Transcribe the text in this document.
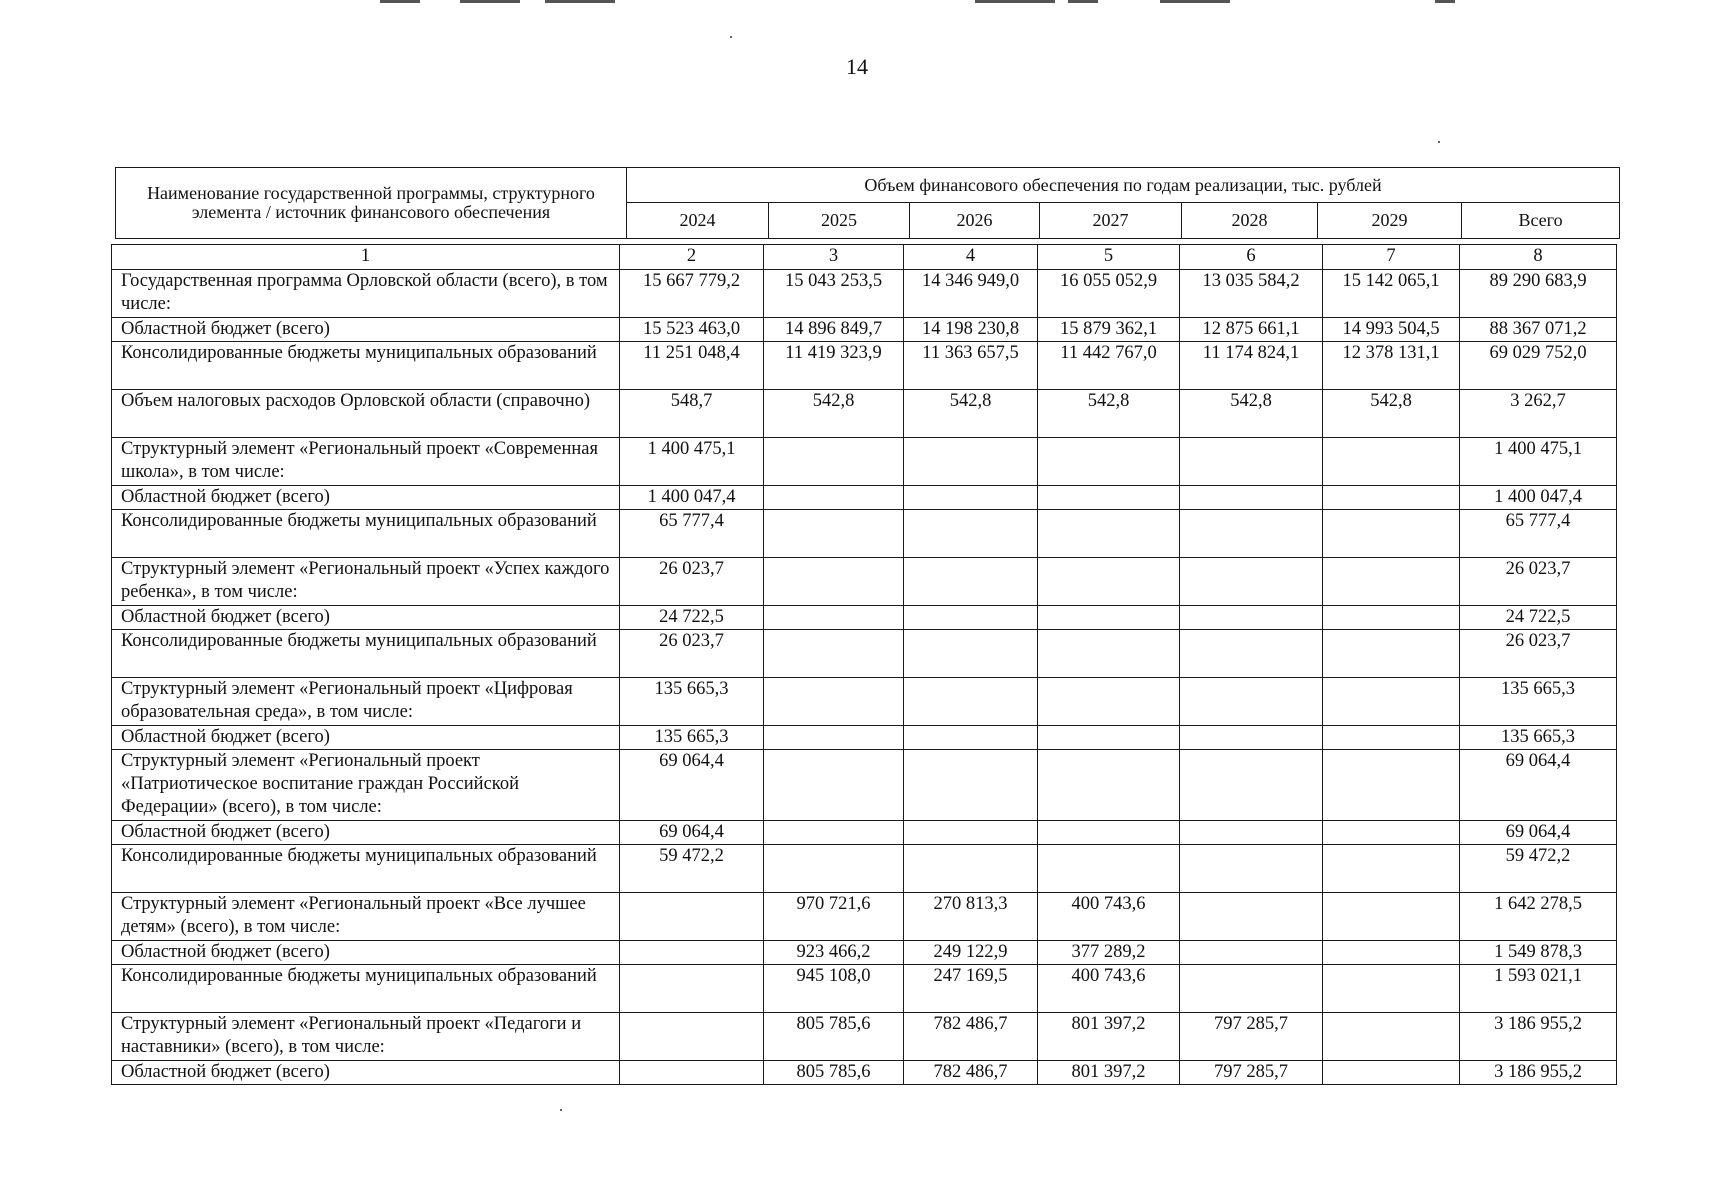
14
Наименование государственной программы, структурного элемента / источник финансового обеспечения	Объем финансового обеспечения по годам реализации, тыс. рублей						
	2024	2025	2026	2027	2028	2029	Всего
1	2	3	4	5	6	7	8
Государственная программа Орловской области (всего), в том числе:	15 667 779,2	15 043 253,5	14 346 949,0	16 055 052,9	13 035 584,2	15 142 065,1	89 290 683,9
Областной бюджет (всего)	15 523 463,0	14 896 849,7	14 198 230,8	15 879 362,1	12 875 661,1	14 993 504,5	88 367 071,2
Консолидированные бюджеты муниципальных образований	11 251 048,4	11 419 323,9	11 363 657,5	11 442 767,0	11 174 824,1	12 378 131,1	69 029 752,0
Объем налоговых расходов Орловской области (справочно)	548,7	542,8	542,8	542,8	542,8	542,8	3 262,7
Структурный элемент «Региональный проект «Современная школа», в том числе:	1 400 475,1						1 400 475,1
Областной бюджет (всего)	1 400 047,4						1 400 047,4
Консолидированные бюджеты муниципальных образований	65 777,4						65 777,4
Структурный элемент «Региональный проект «Успех каждого ребенка», в том числе:	26 023,7						26 023,7
Областной бюджет (всего)	24 722,5						24 722,5
Консолидированные бюджеты муниципальных образований	26 023,7						26 023,7
Структурный элемент «Региональный проект «Цифровая образовательная среда», в том числе:	135 665,3						135 665,3
Областной бюджет (всего)	135 665,3						135 665,3
Структурный элемент «Региональный проект «Патриотическое воспитание граждан Российской Федерации» (всего), в том числе:	69 064,4						69 064,4
Областной бюджет (всего)	69 064,4						69 064,4
Консолидированные бюджеты муниципальных образований	59 472,2						59 472,2
Структурный элемент «Региональный проект «Все лучшее детям» (всего), в том числе:		970 721,6	270 813,3	400 743,6			1 642 278,5
Областной бюджет (всего)		923 466,2	249 122,9	377 289,2			1 549 878,3
Консолидированные бюджеты муниципальных образований		945 108,0	247 169,5	400 743,6			1 593 021,1
Структурный элемент «Региональный проект «Педагоги и наставники» (всего), в том числе:		805 785,6	782 486,7	801 397,2	797 285,7		3 186 955,2
Областной бюджет (всего)		805 785,6	782 486,7	801 397,2	797 285,7		3 186 955,2
